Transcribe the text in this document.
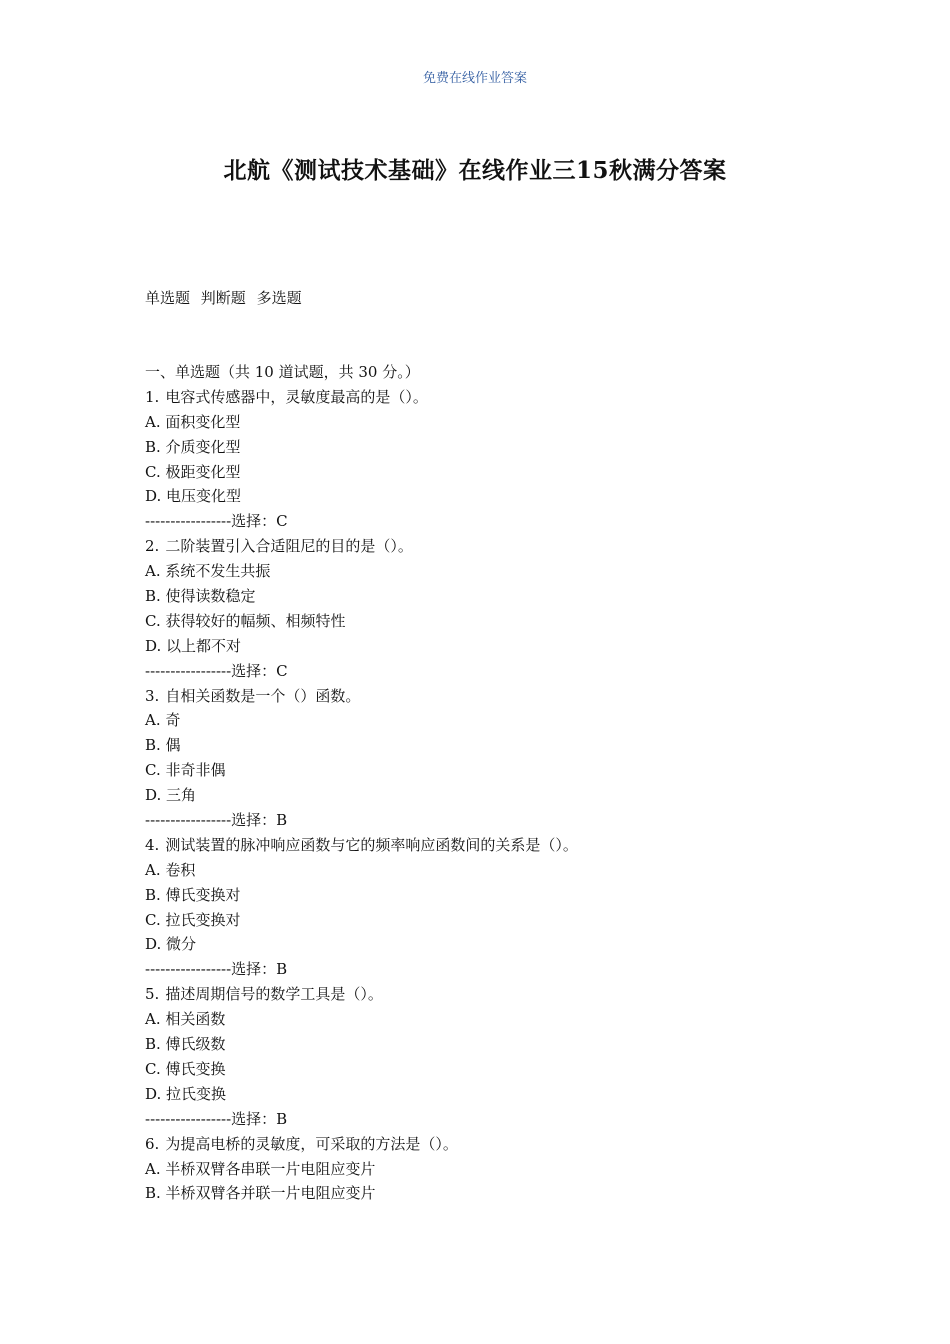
免费在线作业答案
北航《测试技术基础》在线作业三15秋满分答案
单选题 判断题 多选题
一、单选题（共 10 道试题，共 30 分。）
1. 电容式传感器中，灵敏度最高的是（）。
A. 面积变化型
B. 介质变化型
C. 极距变化型
D. 电压变化型
-----------------选择：C
2. 二阶装置引入合适阻尼的目的是（）。
A. 系统不发生共振
B. 使得读数稳定
C. 获得较好的幅频、相频特性
D. 以上都不对
-----------------选择：C
3. 自相关函数是一个（）函数。
A. 奇
B. 偶
C. 非奇非偶
D. 三角
-----------------选择：B
4. 测试装置的脉冲响应函数与它的频率响应函数间的关系是（）。
A. 卷积
B. 傅氏变换对
C. 拉氏变换对
D. 微分
-----------------选择：B
5. 描述周期信号的数学工具是（）。
A. 相关函数
B. 傅氏级数
C. 傅氏变换
D. 拉氏变换
-----------------选择：B
6. 为提高电桥的灵敏度，可采取的方法是（）。
A. 半桥双臂各串联一片电阻应变片
B. 半桥双臂各并联一片电阻应变片
